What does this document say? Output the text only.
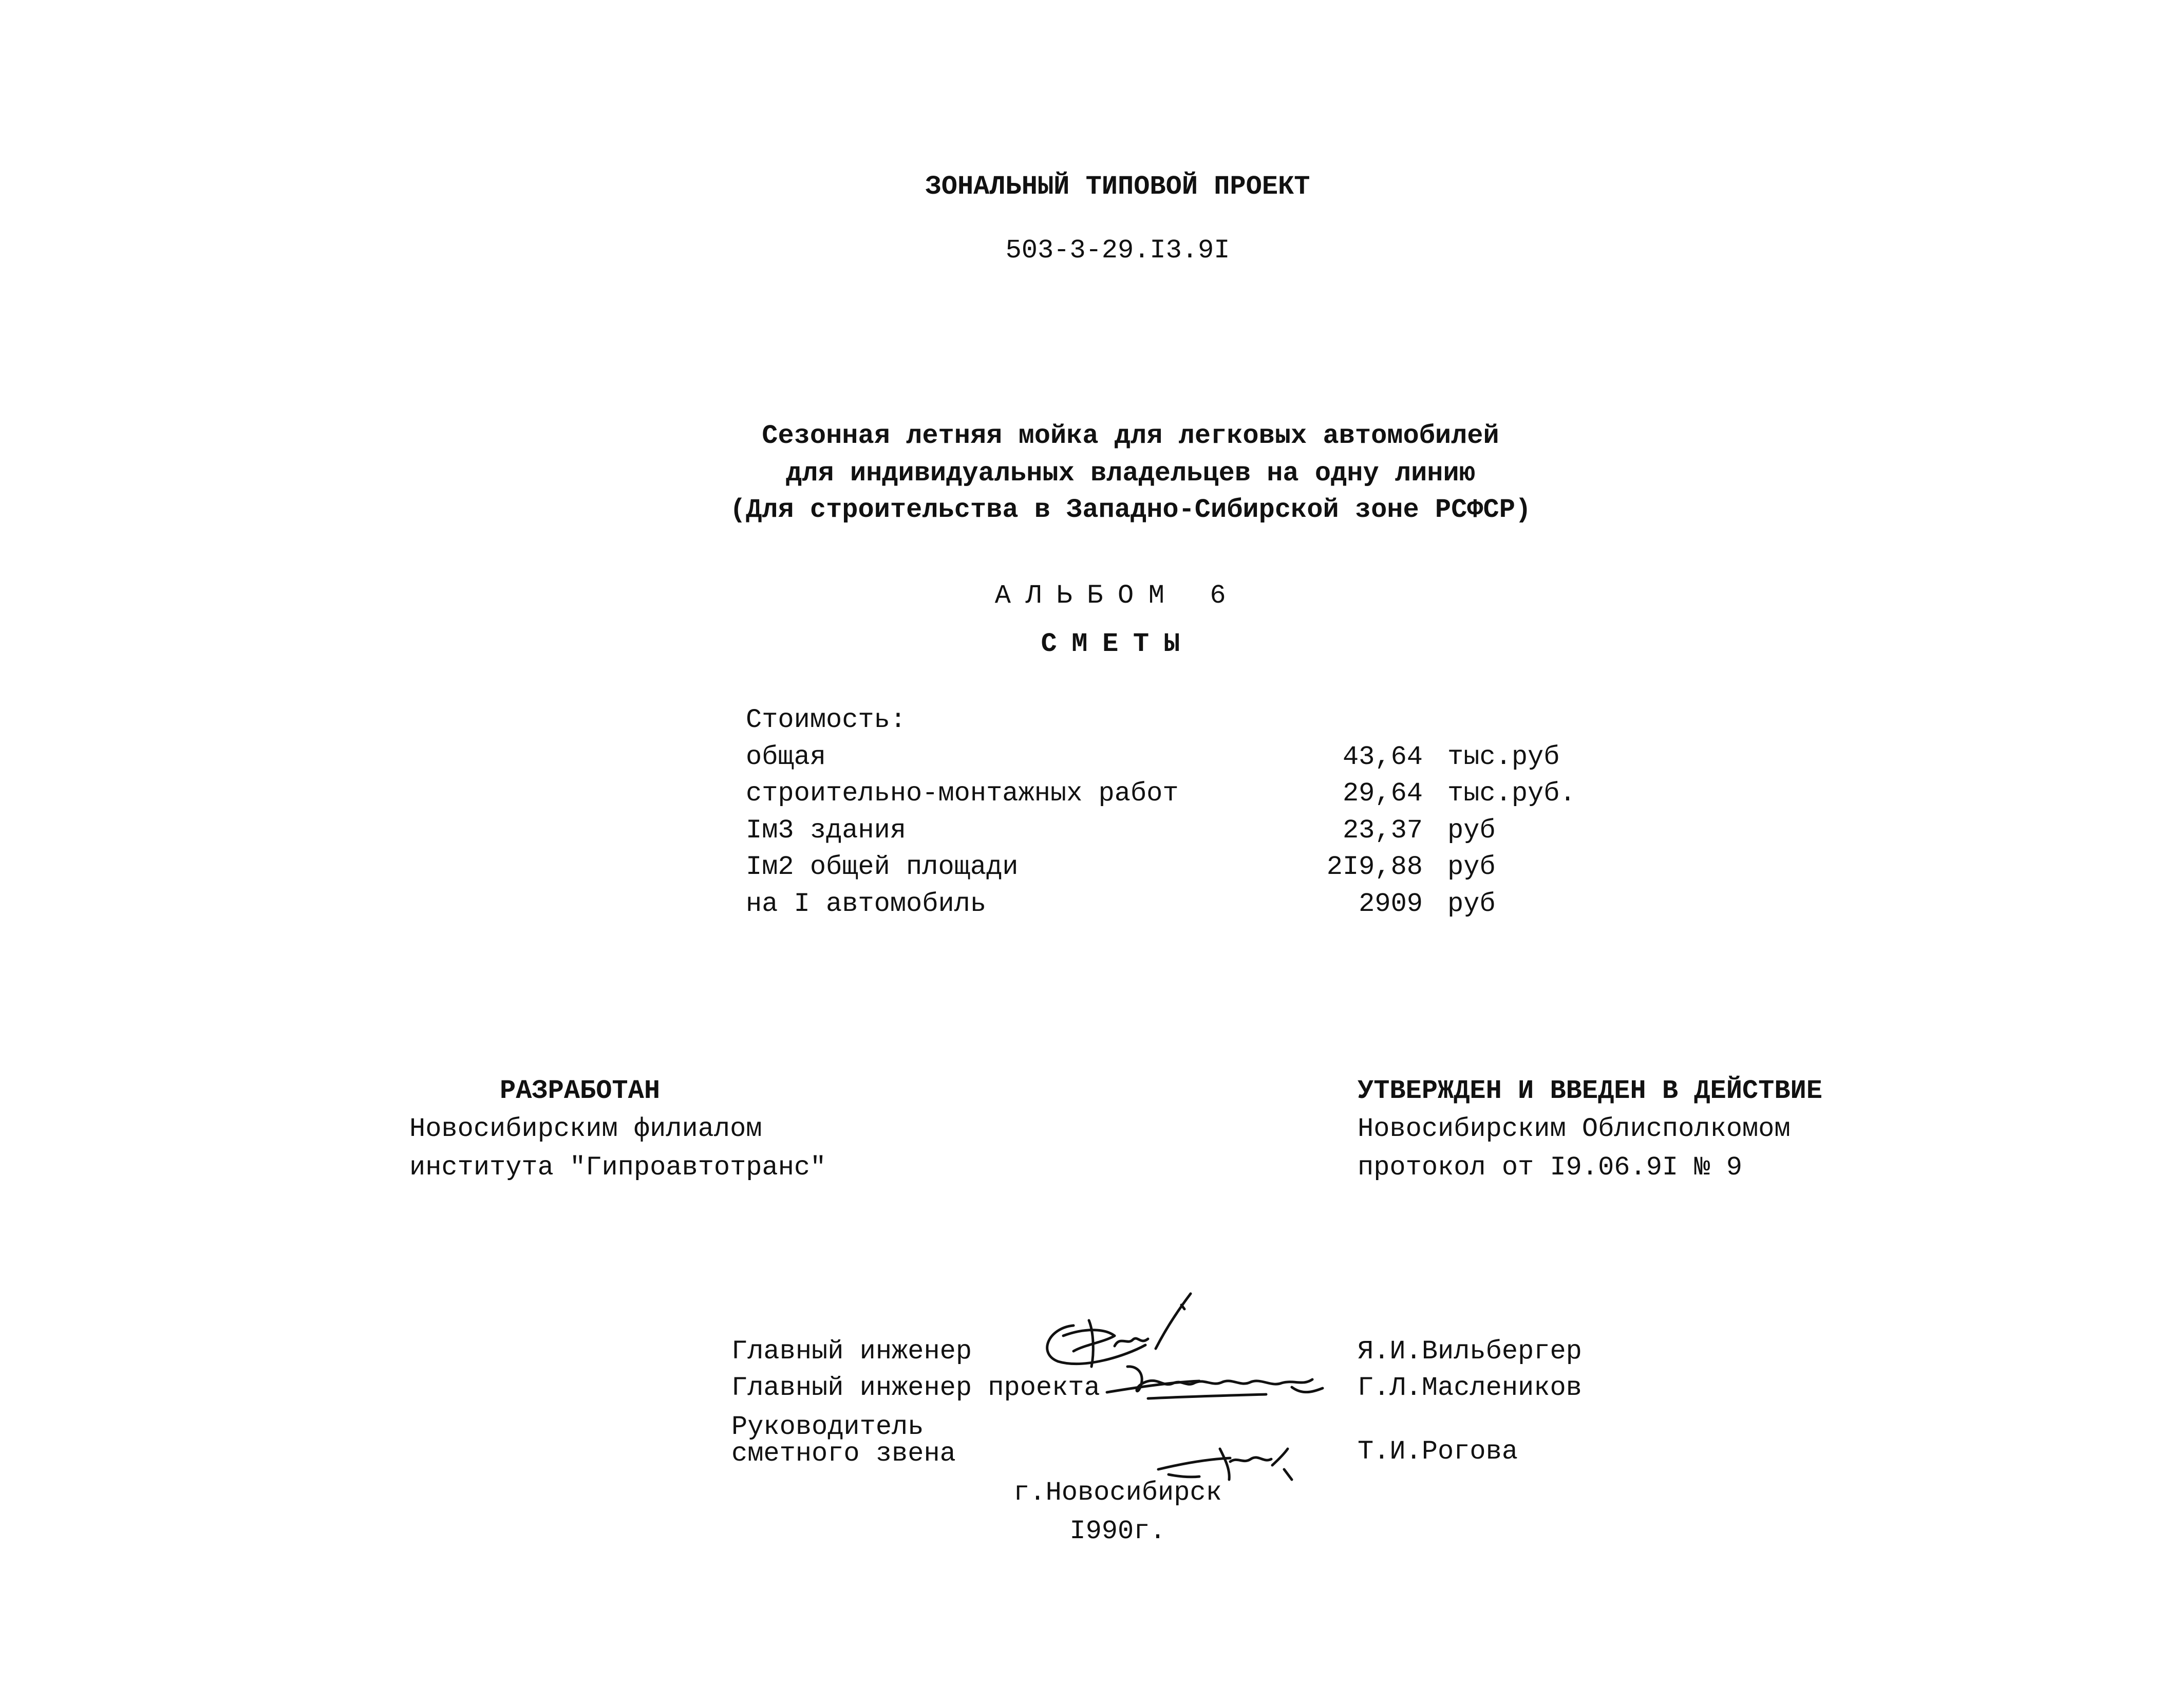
ЗОНАЛЬНЫЙ ТИПОВОЙ ПРОЕКТ
503-3-29.I3.9I
Сезонная летняя мойка для легковых автомобилей
для индивидуальных владельцев на одну линию
(Для строительства в Западно-Сибирской зоне РСФСР)
АЛЬБОМ 6
СМЕТЫ
Стоимость:
общая	43,64 тыс.руб
строительно-монтажных работ	29,64 тыс.руб.
Iм3 здания	23,37 руб
Iм2 общей площади	2I9,88 руб
на I автомобиль	2909 руб
РАЗРАБОТАН
Новосибирским филиалом
института "Гипроавтотранс"
УТВЕРЖДЕН И ВВЕДЕН В ДЕЙСТВИЕ
Новосибирским Облисполкомом
протокол от I9.06.9I № 9
Главный инженер	Я.И.Вильбергер
Главный инженер проекта	Г.Л.Маслеников
Руководитель сметного звена	Т.И.Рогова
г.Новосибирск
I990г.
